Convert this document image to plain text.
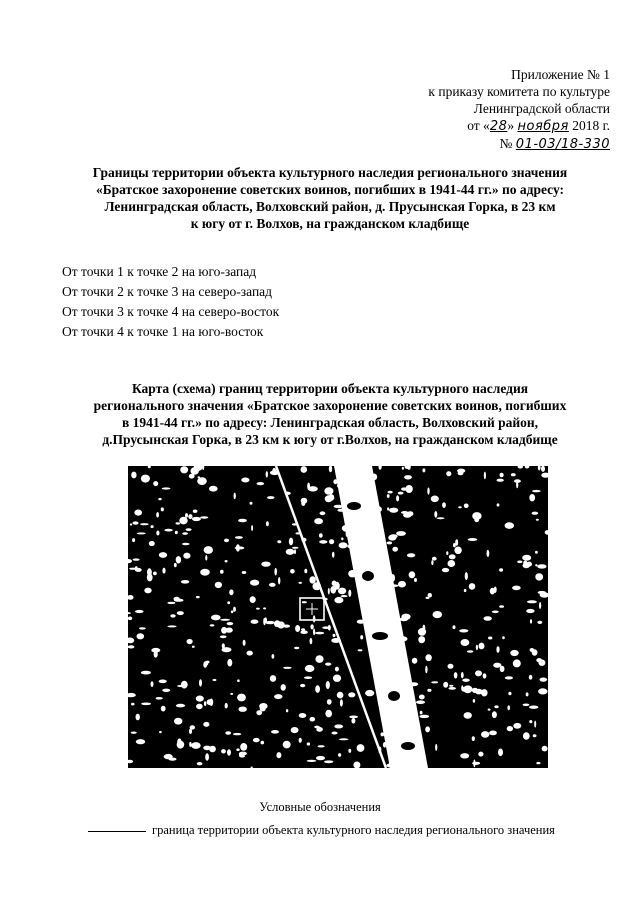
Приложение № 1
к приказу комитета по культуре
Ленинградской области
от «28» ноября 2018 г.
№ 01-03/18-330
Границы территории объекта культурного наследия регионального значения
«Братское захоронение советских воинов, погибших в 1941-44 гг.» по адресу:
Ленинградская область, Волховский район, д. Прусынская Горка, в 23 км
к югу от г. Волхов, на гражданском кладбище
От точки 1 к точке 2 на юго-запад
От точки 2 к точке 3 на северо-запад
От точки 3 к точке 4 на северо-восток
От точки 4 к точке 1 на юго-восток
Карта (схема) границ территории объекта культурного наследия
регионального значения «Братское захоронение советских воинов, погибших
в 1941-44 гг.» по адресу: Ленинградская область, Волховский район,
д.Прусынская Горка, в 23 км к югу от г.Волхов, на гражданском кладбище
Условные обозначения
граница территории объекта культурного наследия регионального значения
